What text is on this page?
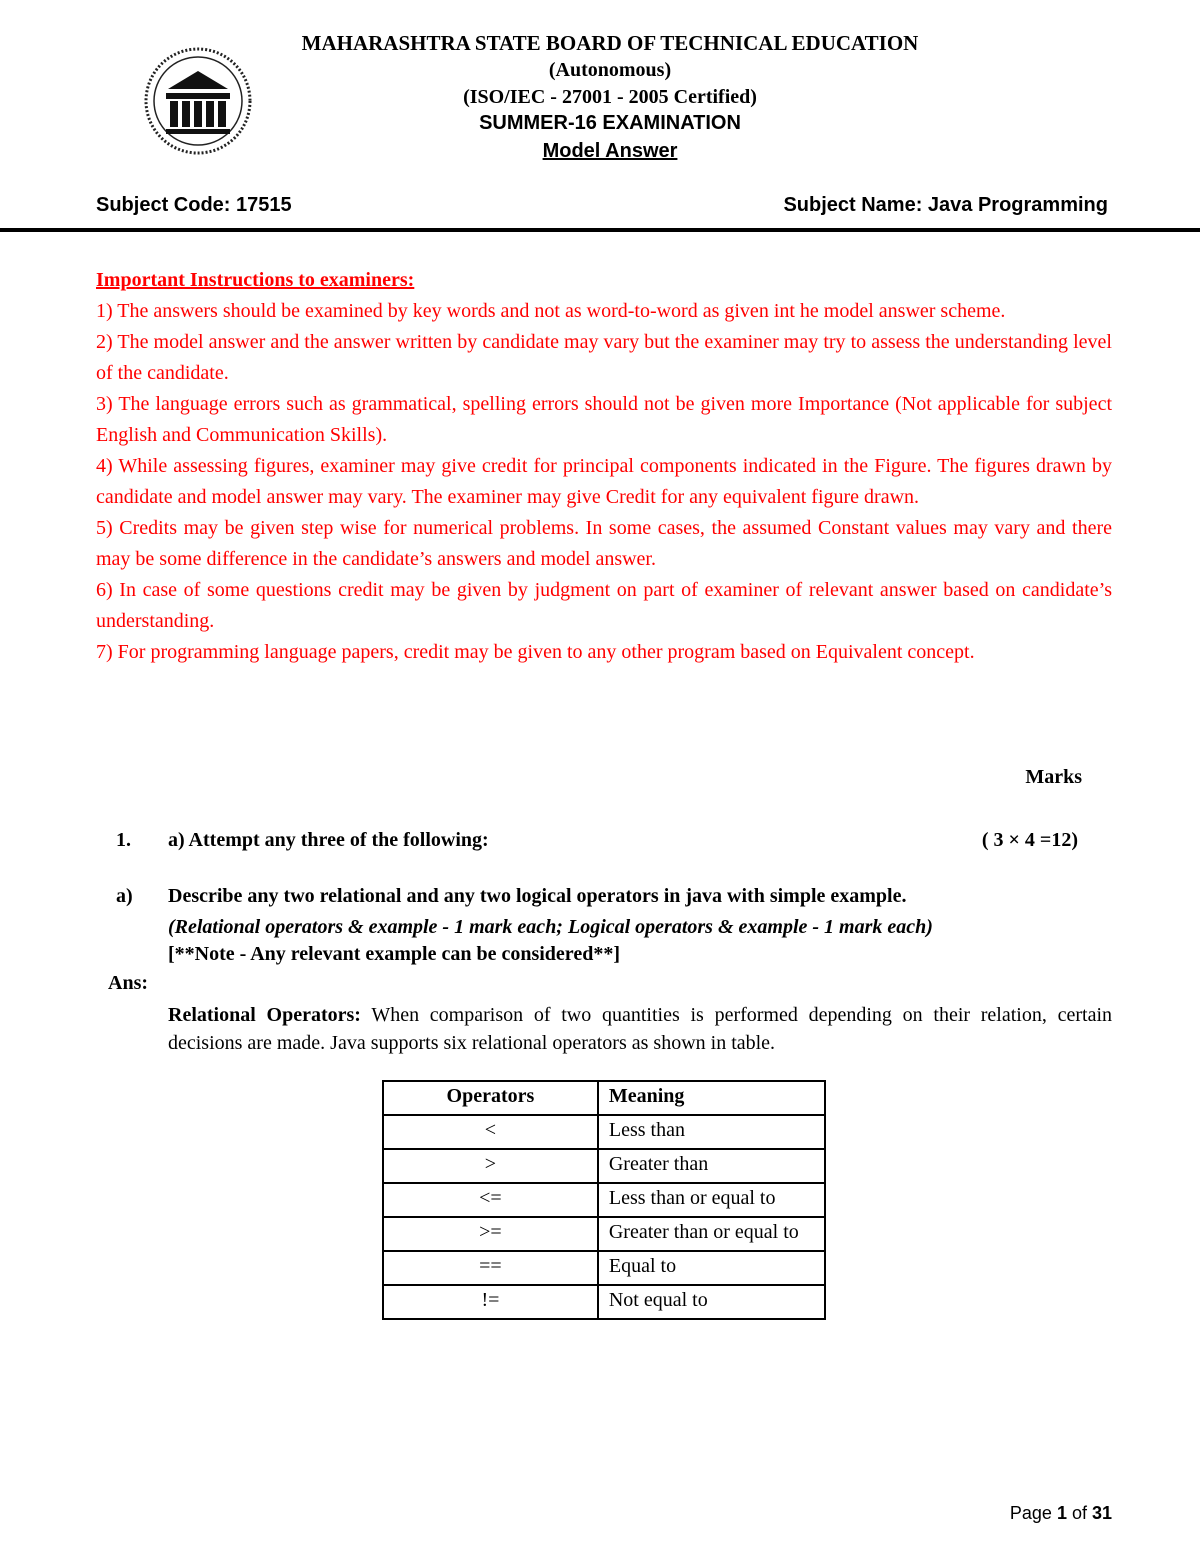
MAHARASHTRA STATE BOARD OF TECHNICAL EDUCATION
(Autonomous)
(ISO/IEC - 27001 - 2005 Certified)
SUMMER-16 EXAMINATION
Model Answer
Subject Code: 17515	Subject Name: Java Programming

Important Instructions to examiners:

1) The answers should be examined by key words and not as word-to-word as given int he model answer scheme.

2) The model answer and the answer written by candidate may vary but the examiner may try to assess the understanding level of the candidate.

3) The language errors such as grammatical, spelling errors should not be given more Importance (Not applicable for subject English and Communication Skills).

4) While assessing figures, examiner may give credit for principal components indicated in the Figure. The figures drawn by candidate and model answer may vary. The examiner may give Credit for any equivalent figure drawn.

5) Credits may be given step wise for numerical problems. In some cases, the assumed Constant values may vary and there may be some difference in the candidate’s answers and model answer.

6) In case of some questions credit may be given by judgment on part of examiner of relevant answer based on candidate’s understanding.

7) For programming language papers, credit may be given to any other program based on Equivalent concept.

Marks
1. a) Attempt any three of the following:	( 3 × 4 =12)
a) Describe any two relational and any two logical operators in java with simple example.
(Relational operators & example - 1 mark each; Logical operators & example - 1 mark each)
[**Note - Any relevant example can be considered**]
Ans:
Relational Operators: When comparison of two quantities is performed depending on their relation, certain decisions are made. Java supports six relational operators as shown in table.
Operators	Meaning
<	Less than
>	Greater than
<=	Less than or equal to
>=	Greater than or equal to
==	Equal to
!=	Not equal to
Page 1 of 31
